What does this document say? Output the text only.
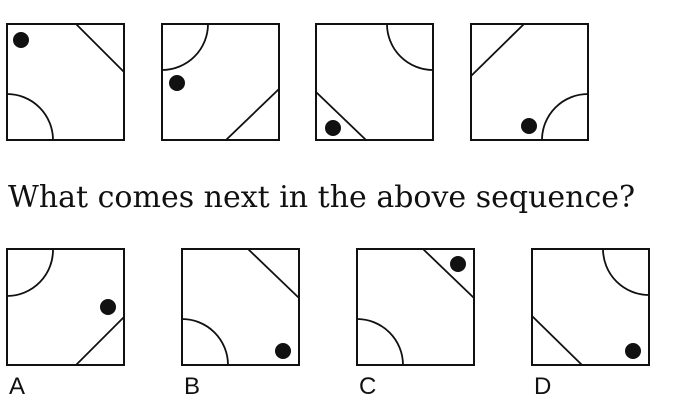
What comes next in the above sequence?
A	B	C	D
